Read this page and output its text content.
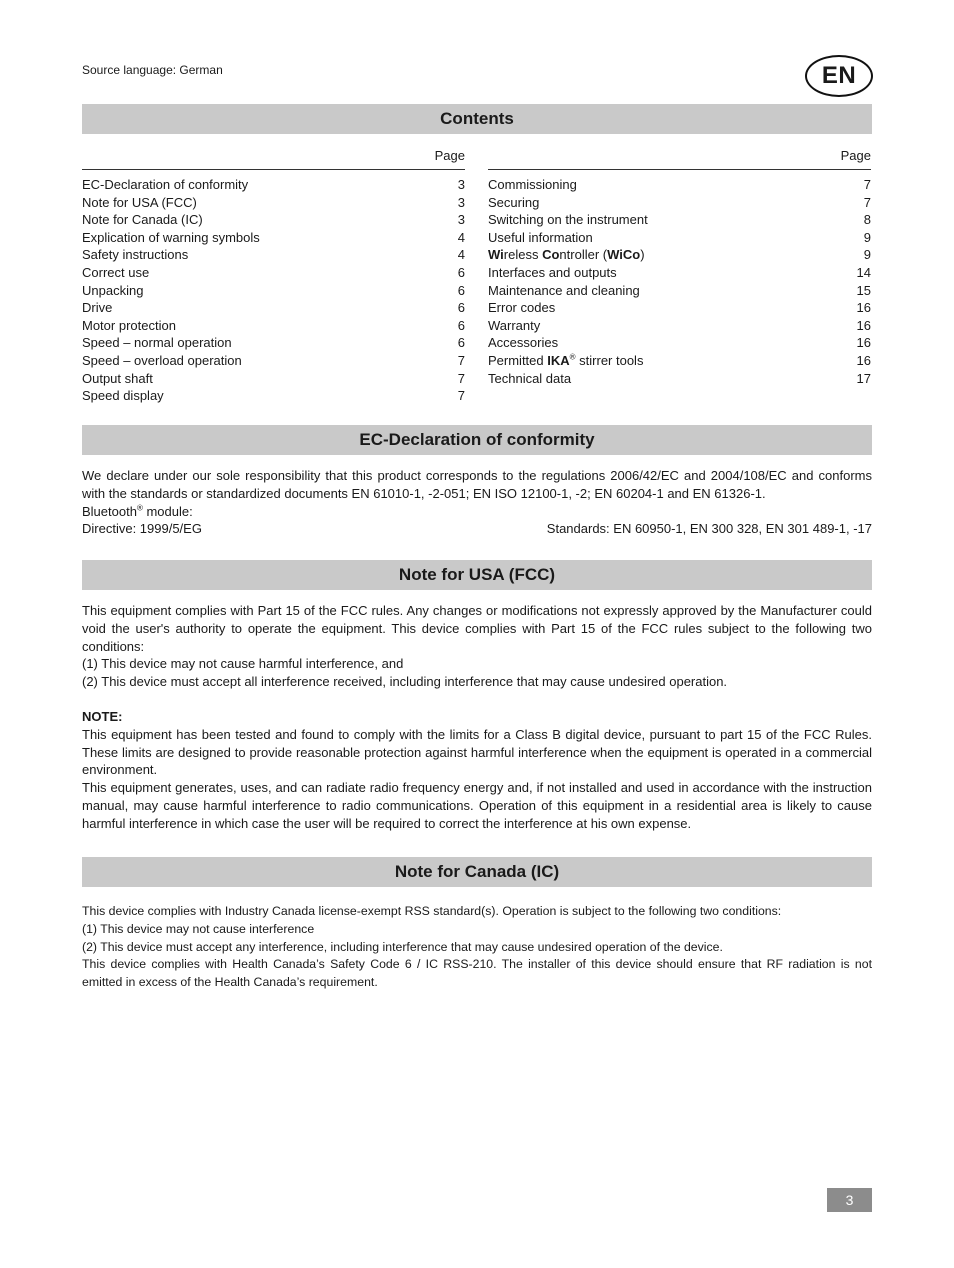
Source language: German	EN
Contents
Page
EC-Declaration of conformity	3
Note for USA (FCC)	3
Note for Canada (IC)	3
Explication of warning symbols	4
Safety instructions	4
Correct use	6
Unpacking	6
Drive	6
Motor protection	6
Speed – normal operation	6
Speed – overload operation	7
Output shaft	7
Speed display	7
Page
Commissioning	7
Securing	7
Switching on the instrument	8
Useful information	9
Wireless Controller (WiCo)	9
Interfaces and outputs	14
Maintenance and cleaning	15
Error codes	16
Warranty	16
Accessories	16
Permitted IKA® stirrer tools	16
Technical data	17
EC-Declaration of conformity

We declare under our sole responsibility that this product corresponds to the regulations 2006/42/EC and 2004/108/EC and conforms with the standards or standardized documents EN 61010-1, -2-051; EN ISO 12100-1, -2; EN 60204-1 and EN 61326-1.

Bluetooth® module:

Directive: 1999/5/EG	Standards: EN 60950-1, EN 300 328, EN 301 489-1, -17
Note for USA (FCC)

This equipment complies with Part 15 of the FCC rules. Any changes or modifications not expressly approved by the Manufacturer could void the user's authority to operate the equipment. This device complies with Part 15 of the FCC rules subject to the following two conditions:

(1) This device may not cause harmful interference, and

(2) This device must accept all interference received, including interference that may cause undesired operation.

NOTE:

This equipment has been tested and found to comply with the limits for a Class B digital device, pursuant to part 15 of the FCC Rules. These limits are designed to provide reasonable protection against harmful interference when the equipment is operated in a commercial environment.

This equipment generates, uses, and can radiate radio frequency energy and, if not installed and used in accordance with the instruction manual, may cause harmful interference to radio communications. Operation of this equipment in a residential area is likely to cause harmful interference in which case the user will be required to correct the interference at his own expense.

Note for Canada (IC)

This device complies with Industry Canada license-exempt RSS standard(s). Operation is subject to the following two conditions:

(1) This device may not cause interference

(2) This device must accept any interference, including interference that may cause undesired operation of the device.

This device complies with Health Canada’s Safety Code 6 / IC RSS-210. The installer of this device should ensure that RF radiation is not emitted in excess of the Health Canada’s requirement.

3
